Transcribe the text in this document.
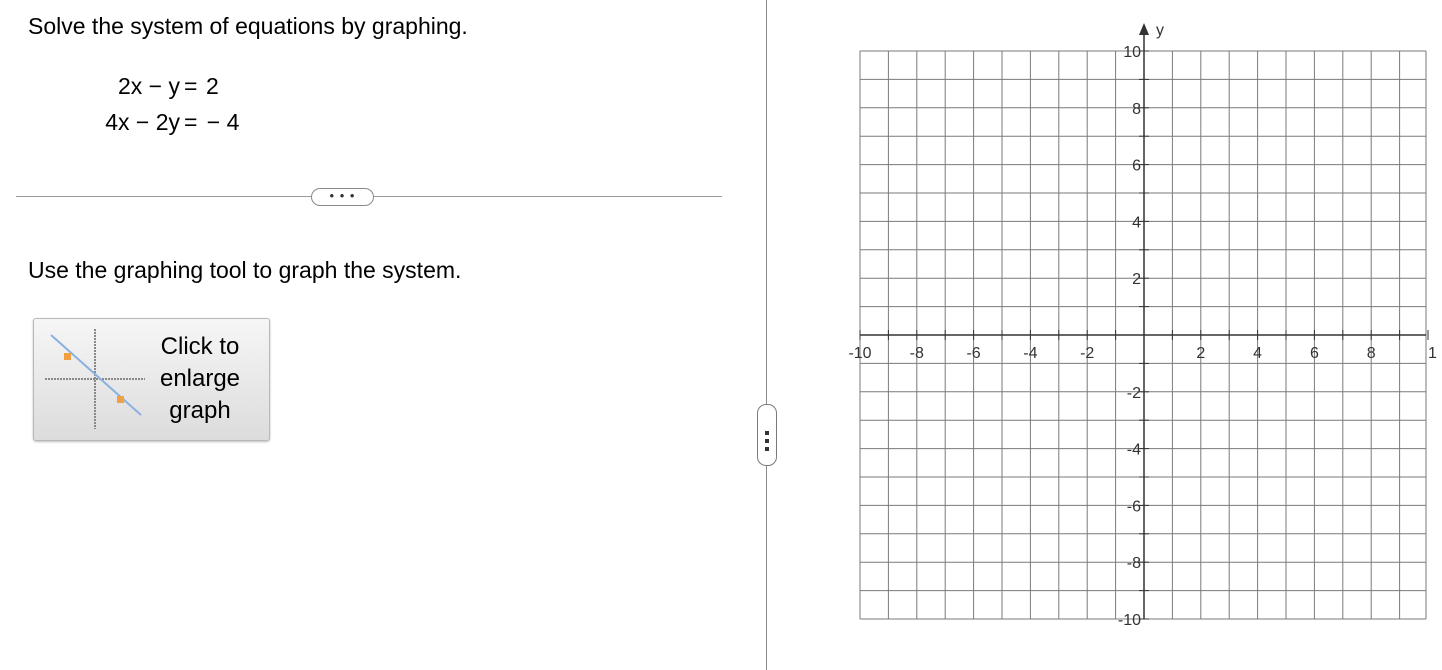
Solve the system of equations by graphing.
2x − y = 2
4x − 2y =
− 4
• • •
Use the graphing tool to graph the system.
Click to
enlarge
graph
-10 -8	-6	-4	-2	2	4	6	8	1
10
8
6
4
2
-2
-4
-6
-8
-10
y
